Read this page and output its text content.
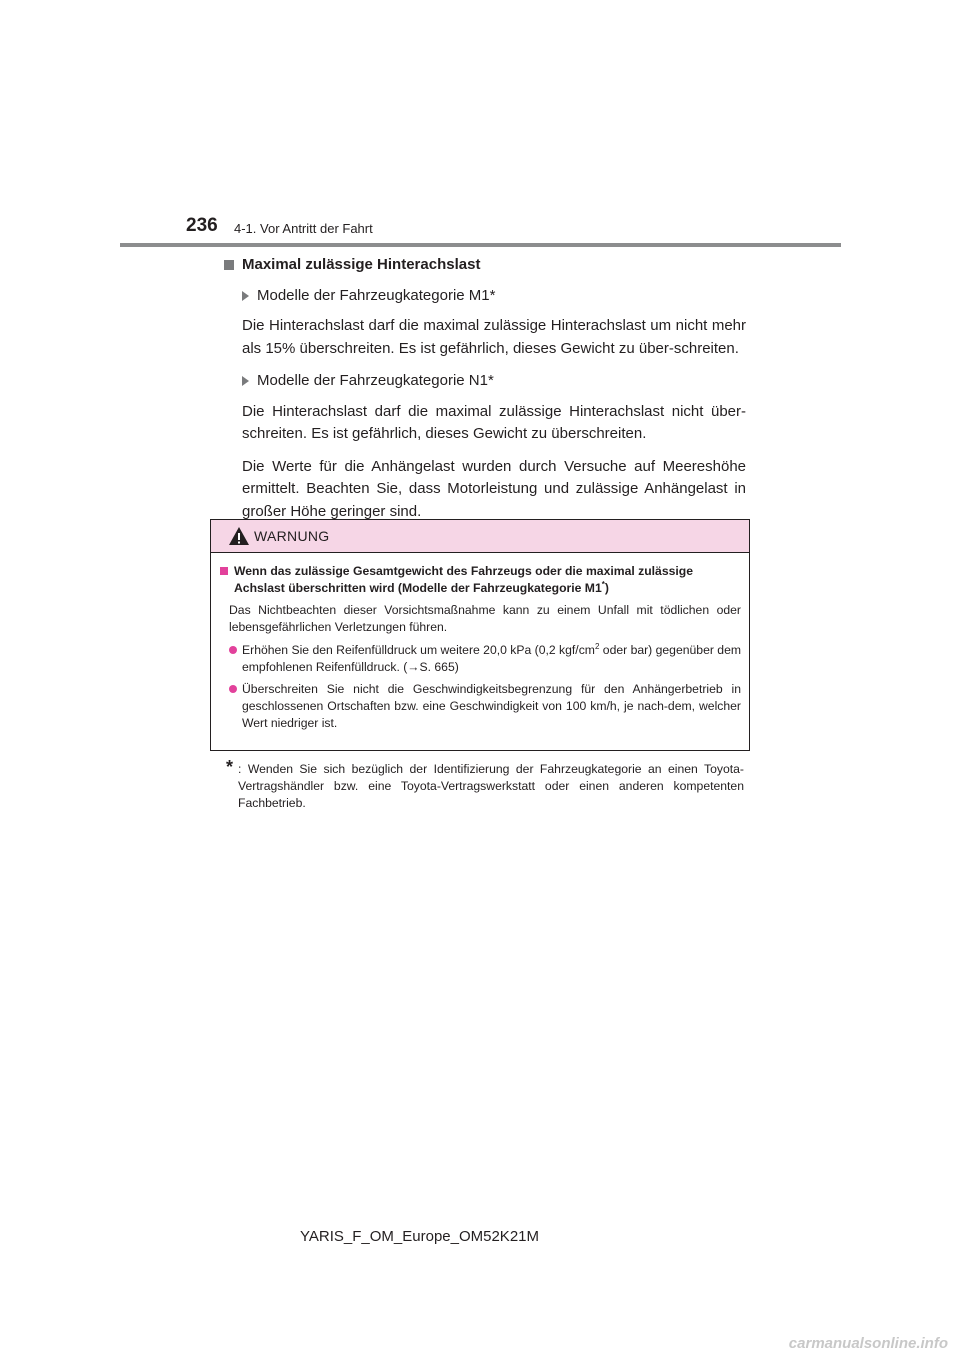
236 4-1. Vor Antritt der Fahrt
Maximal zulässige Hinterachslast
Modelle der Fahrzeugkategorie M1*

Die Hinterachslast darf die maximal zulässige Hinterachslast um nicht mehr als 15% überschreiten. Es ist gefährlich, dieses Gewicht zu über-schreiten.

Modelle der Fahrzeugkategorie N1*

Die Hinterachslast darf die maximal zulässige Hinterachslast nicht über-schreiten. Es ist gefährlich, dieses Gewicht zu überschreiten.

Die Werte für die Anhängelast wurden durch Versuche auf Meereshöhe ermittelt. Beachten Sie, dass Motorleistung und zulässige Anhängelast in großer Höhe geringer sind.

WARNUNG
Wenn das zulässige Gesamtgewicht des Fahrzeugs oder die maximal zulässige Achslast überschritten wird (Modelle der Fahrzeugkategorie M1*)

Das Nichtbeachten dieser Vorsichtsmaßnahme kann zu einem Unfall mit tödlichen oder lebensgefährlichen Verletzungen führen.

Erhöhen Sie den Reifenfülldruck um weitere 20,0 kPa (0,2 kgf/$cm^2$ oder bar) gegenüber dem empfohlenen Reifenfülldruck. (→S. 665)
Überschreiten Sie nicht die Geschwindigkeitsbegrenzung für den Anhängerbetrieb in geschlossenen Ortschaften bzw. eine Geschwindigkeit von 100 km/h, je nach-dem, welcher Wert niedriger ist.
* : Wenden Sie sich bezüglich der Identifizierung der Fahrzeugkategorie an einen Toyota-Vertragshändler bzw. eine Toyota-Vertragswerkstatt oder einen anderen kompetenten Fachbetrieb.
YARIS_F_OM_Europe_OM52K21M
carmanualsonline.info
